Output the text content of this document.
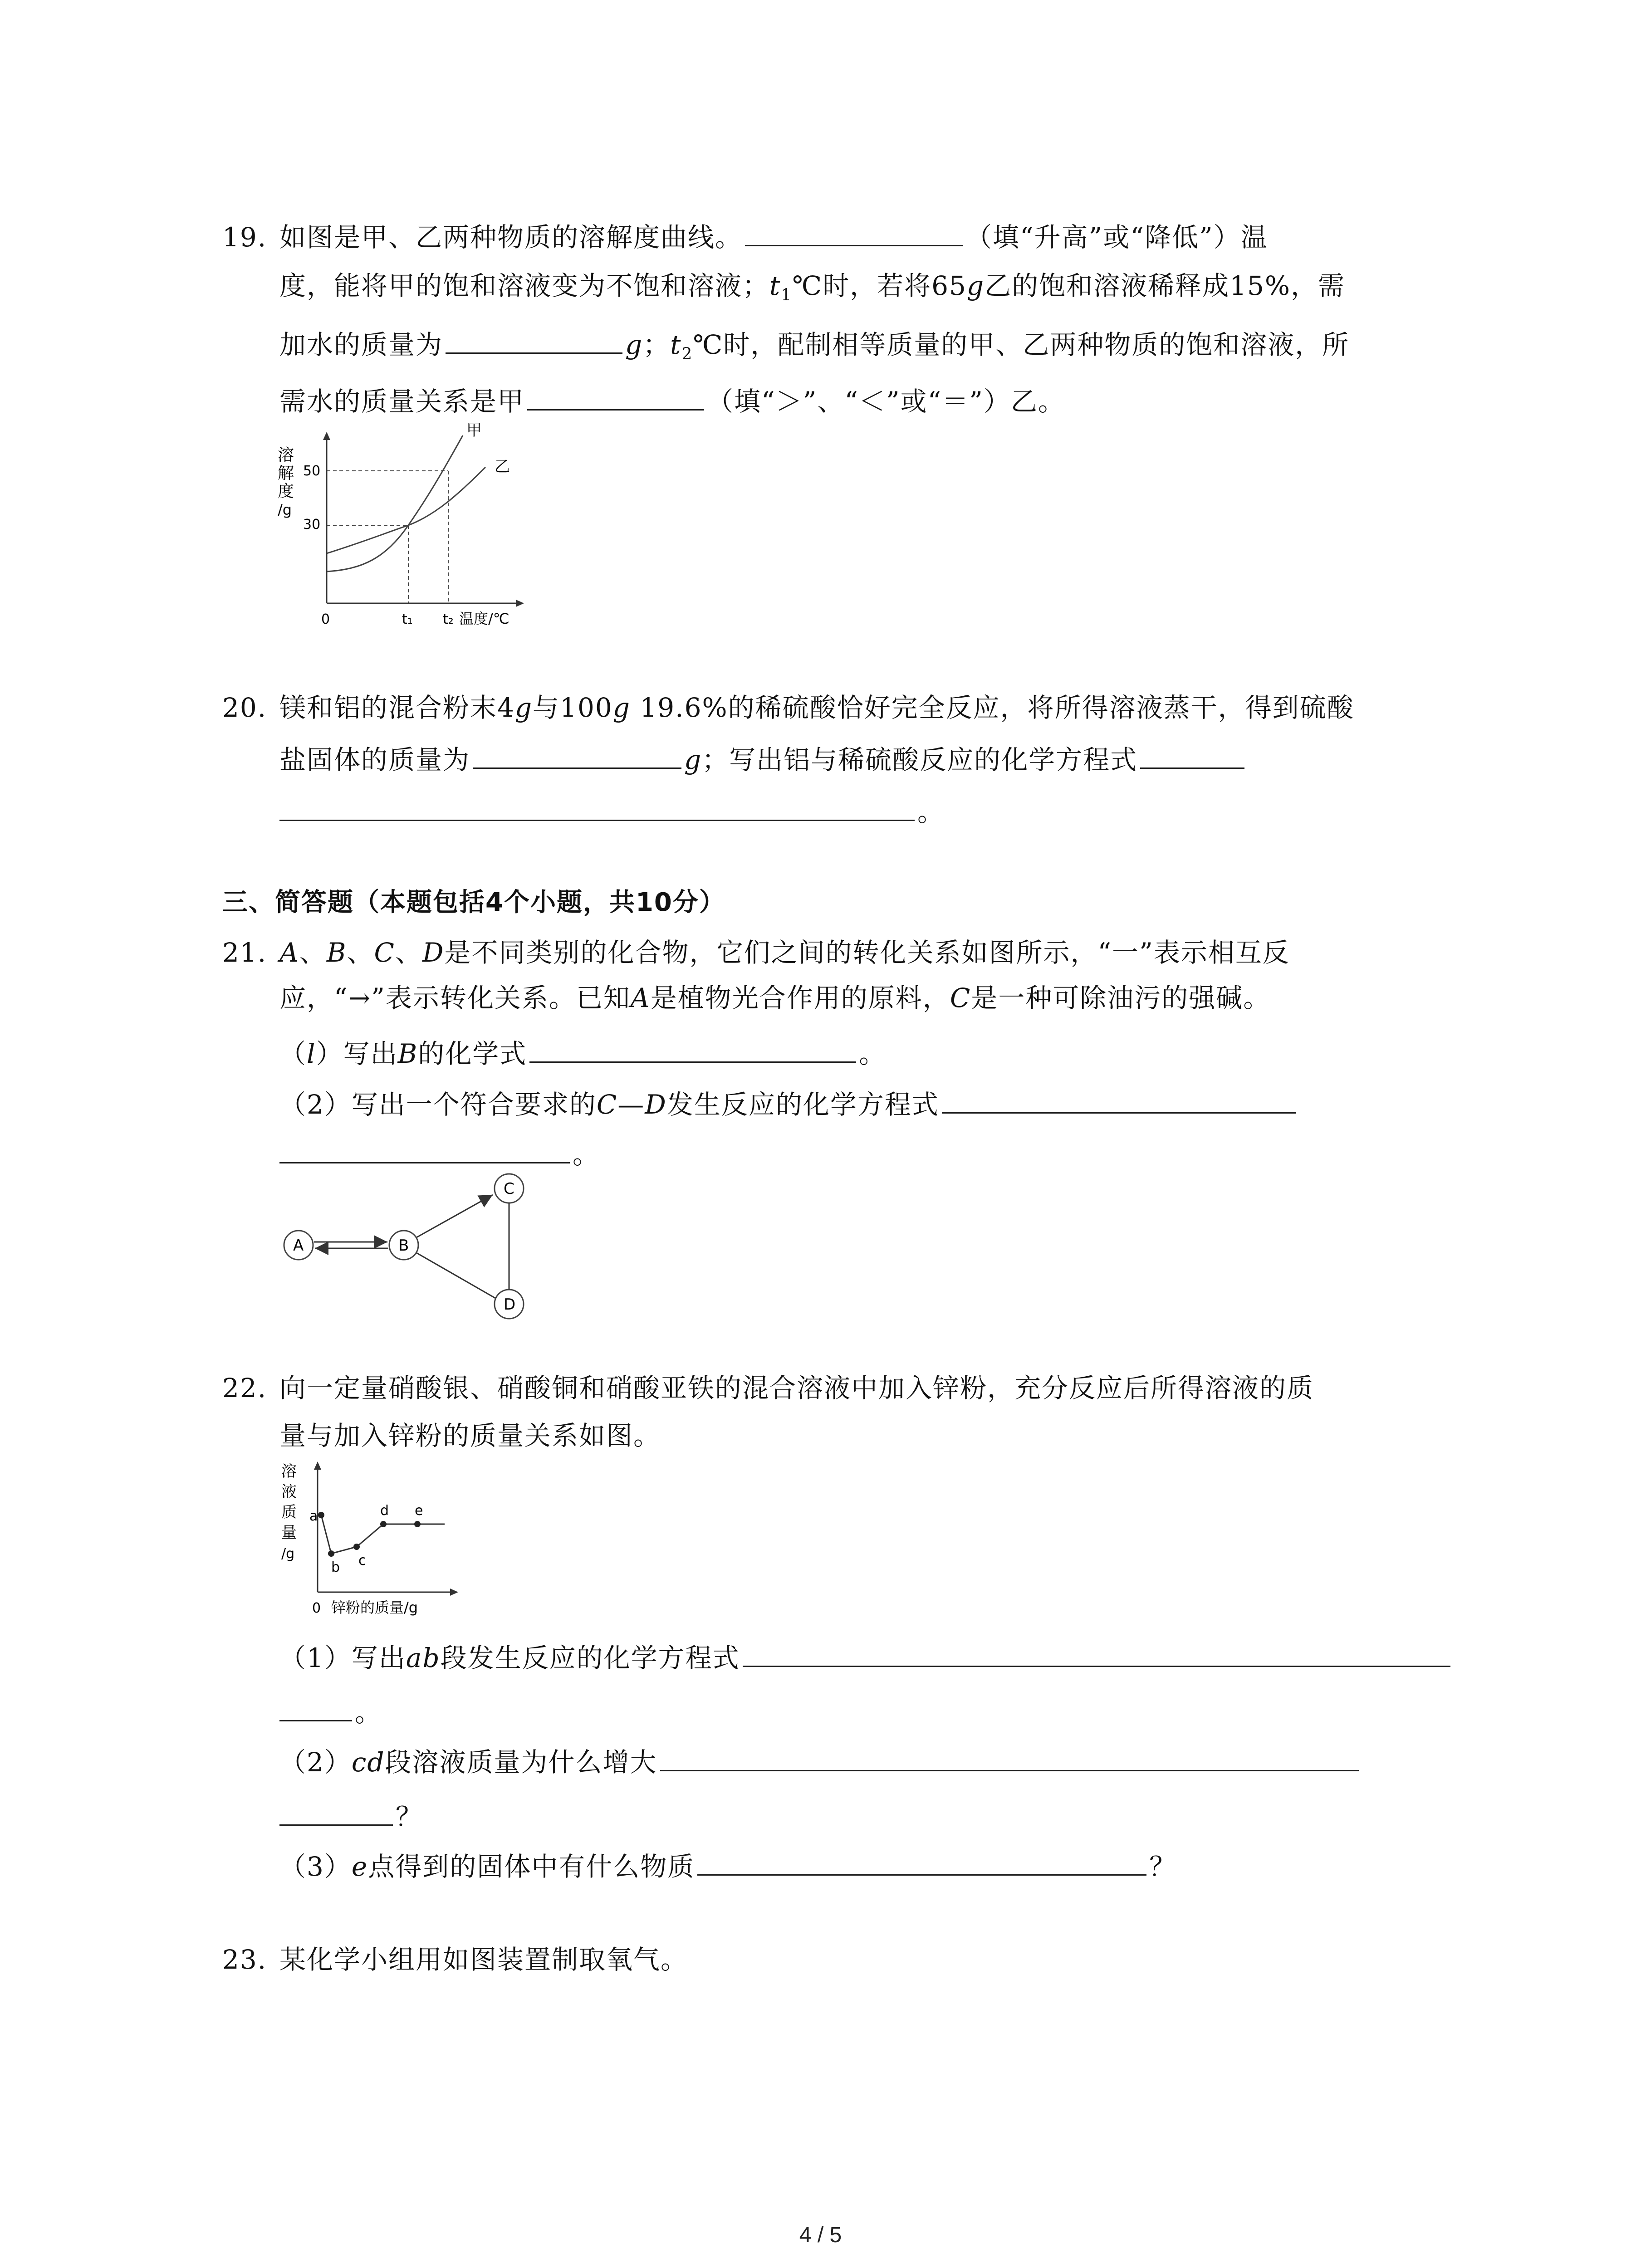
19. 如图是甲、乙两种物质的溶解度曲线。	（填“升高”或“降低”）温
度，能将甲的饱和溶液变为不饱和溶液；$t_1℃$时，若将65g乙的饱和溶液稀释成15%，需
加水的质量为	g；$t_2℃$时，配制相等质量的甲、乙两种物质的饱和溶液，所
需水的质量关系是甲	（填“＞”、“＜”或“＝”）乙。
溶
解
度
/g
50
30
甲
乙
0	t₁ t₂ 温度/℃
20. 镁和铝的混合粉末4g与100g 19.6%的稀硫酸恰好完全反应，将所得溶液蒸干，得到硫酸
盐固体的质量为	g；写出铝与稀硫酸反应的化学方程式
。
三、简答题（本题包括4个小题，共10分）
21. A、B、C、D是不同类别的化合物，它们之间的转化关系如图所示，“一”表示相互反
应，“→”表示转化关系。已知A是植物光合作用的原料，C是一种可除油污的强碱。
（l）写出B的化学式	。
（2）写出一个符合要求的C—D发生反应的化学方程式
。
A	B
C
D
22. 向一定量硝酸银、硝酸铜和硝酸亚铁的混合溶液中加入锌粉，充分反应后所得溶液的质
量与加入锌粉的质量关系如图。
溶
液
质
量
/g
a
b c
d e
0 锌粉的质量/g
（1）写出ab段发生反应的化学方程式
。
（2）cd段溶液质量为什么增大
？
（3）e点得到的固体中有什么物质	？
23. 某化学小组用如图装置制取氧气。
4 / 5
